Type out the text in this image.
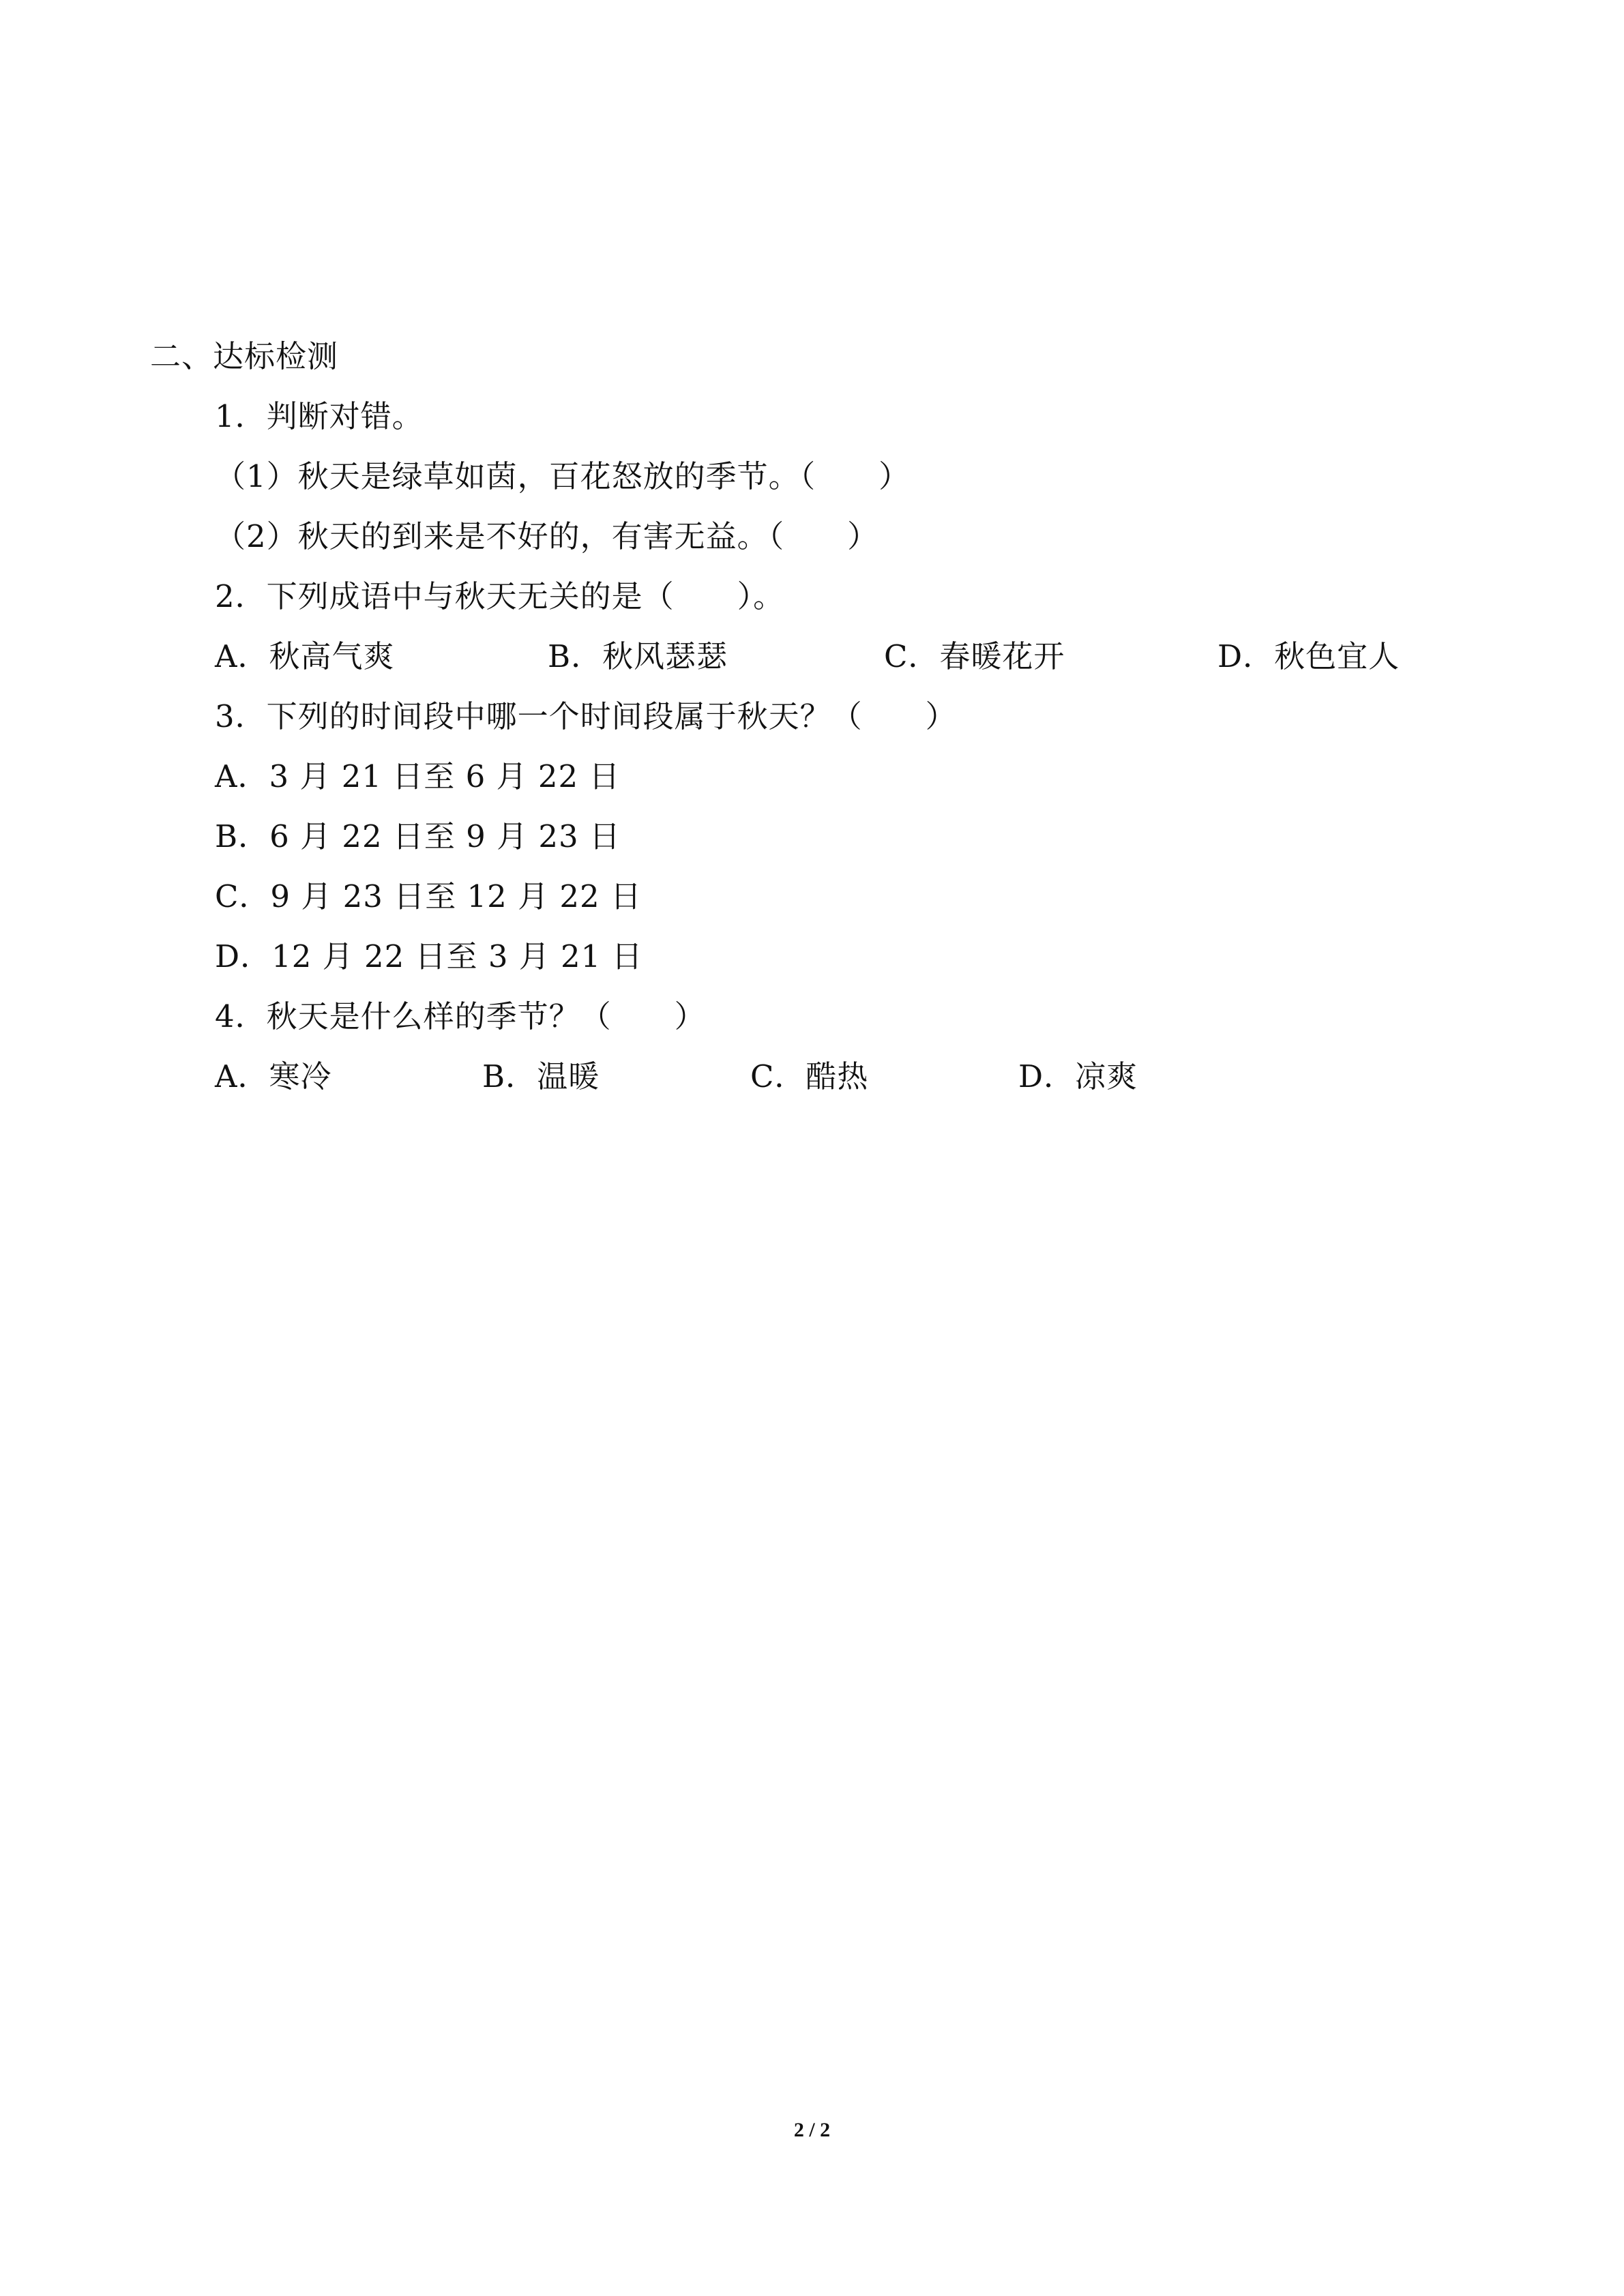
二、达标检测
1．判断对错。
（1）秋天是绿草如茵，百花怒放的季节。（　　）
（2）秋天的到来是不好的，有害无益。（　　）
2．下列成语中与秋天无关的是（　　）。
A．秋高气爽	B．秋风瑟瑟	C．春暖花开	D．秋色宜人
3．下列的时间段中哪一个时间段属于秋天？（　　）
A．3 月 21 日至 6 月 22 日
B．6 月 22 日至 9 月 23 日
C．9 月 23 日至 12 月 22 日
D．12 月 22 日至 3 月 21 日
4．秋天是什么样的季节？（　　）
A．寒冷	B．温暖	C．酷热	D．凉爽
2 / 2
